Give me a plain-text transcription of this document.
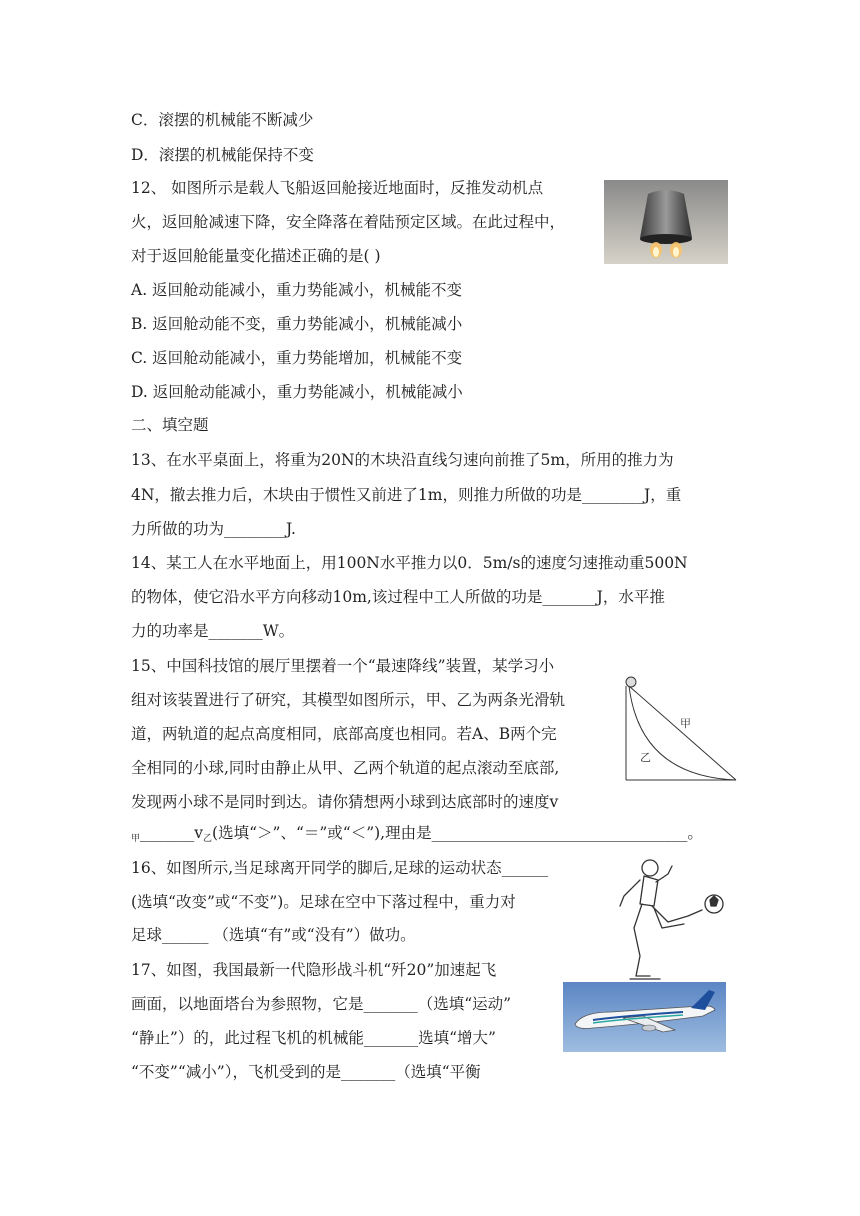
C．滚摆的机械能不断减少
D．滚摆的机械能保持不变
12、 如图所示是载人飞船返回舱接近地面时，反推发动机点
火，返回舱减速下降，安全降落在着陆预定区域。在此过程中，
对于返回舱能量变化描述正确的是( )
A. 返回舱动能减小，重力势能减小，机械能不变
B. 返回舱动能不变，重力势能减小，机械能减小
C. 返回舱动能减小，重力势能增加，机械能不变
D. 返回舱动能减小，重力势能减小，机械能减小
二、填空题
13、在水平桌面上，将重为20N的木块沿直线匀速向前推了5m，所用的推力为
4N，撤去推力后，木块由于惯性又前进了1m，则推力所做的功是________J，重
力所做的功为________J.
14、某工人在水平地面上，用100N水平推力以0．5m/s的速度匀速推动重500N
的物体，使它沿水平方向移动10m,该过程中工人所做的功是_______J，水平推
力的功率是_______W。
15、中国科技馆的展厅里摆着一个“最速降线”装置，某学习小
组对该装置进行了研究，其模型如图所示，甲、乙为两条光滑轨
道，两轨道的起点高度相同，底部高度也相同。若A、B两个完
全相同的小球,同时由静止从甲、乙两个轨道的起点滚动至底部,
发现两小球不是同时到达。请你猜想两小球到达底部时的速度v
$_甲\_\_\_\_\_\_\_v_乙$(选填“＞”、“＝”或“＜”),理由是_________________________________。
16、如图所示,当足球离开同学的脚后,足球的运动状态______
(选填“改变”或“不变”)。足球在空中下落过程中，重力对
足球______ （选填“有”或“没有”）做功。
17、如图，我国最新一代隐形战斗机“歼20”加速起飞
画面，以地面塔台为参照物，它是_______（选填“运动”
“静止”）的，此过程飞机的机械能_______选填“增大”
“不变”“减小”），飞机受到的是_______（选填“平衡
甲
乙
